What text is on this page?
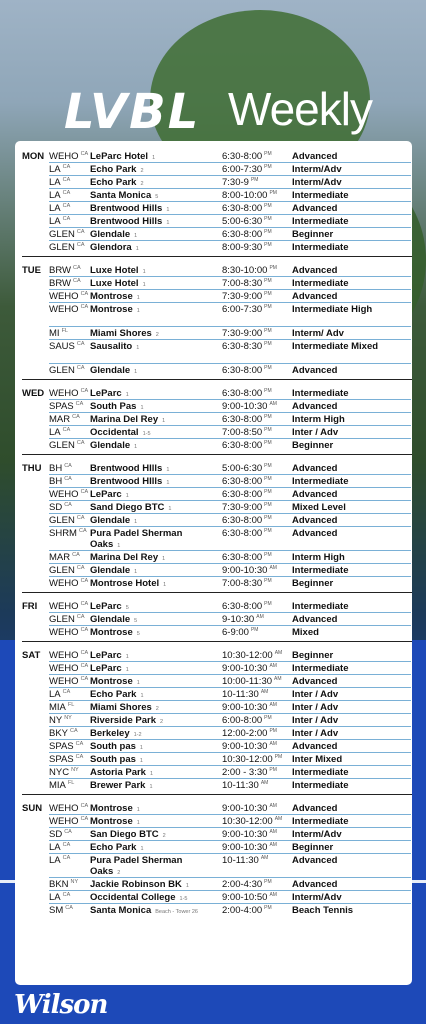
LVBL Weekly
MON WEHO $^{CA}$ LeParc Hotel 1	6:30-8:00 $^{PM}$ Advanced
LA $^{CA}$ Echo Park 2	6:00-7:30 $^{PM}$ Interm/Adv
LA $^{CA}$ Echo Park 2	7:30-9 $^{PM}$	Interm/Adv
LA $^{CA}$ Santa Monica 5	8:00-10:00 $^{PM}$ Intermediate
LA $^{CA}$ Brentwood Hills 1	6:30-8:00 $^{PM}$ Advanced
LA $^{CA}$ Brentwood Hills 1	5:00-6:30 $^{PM}$ Intermediate
GLEN $^{CA}$ Glendale 1	6:30-8:00 $^{PM}$ Beginner
GLEN $^{CA}$ Glendora 1	8:00-9:30 $^{PM}$ Intermediate
TUE BRW $^{CA}$ Luxe Hotel 1	8:30-10:00 $^{PM}$ Advanced
BRW $^{CA}$ Luxe Hotel 1	7:00-8:30 $^{PM}$ Intermediate
WEHO $^{CA}$ Montrose 1	7:30-9:00 $^{PM}$ Advanced
WEHO $^{CA}$ Montrose 1	6:00-7:30 $^{PM}$ Intermediate High
MI $^{FL}$ Miami Shores 2	7:30-9:00 $^{PM}$ Interm/ Adv
SAUS $^{CA}$ Sausalito 1	6:30-8:30 $^{PM}$ Intermediate Mixed
GLEN $^{CA}$ Glendale 1	6:30-8:00 $^{PM}$ Advanced
WED WEHO $^{CA}$ LeParc 1	6:30-8:00 $^{PM}$ Intermediate
SPAS $^{CA}$ South Pas 1	9:00-10:30 $^{AM}$ Advanced
MAR $^{CA}$ Marina Del Rey 1	6:30-8:00 $^{PM}$ Interm High
LA $^{CA}$ Occidental 1-5	7:00-8:50 $^{PM}$ Inter / Adv
GLEN $^{CA}$ Glendale 1	6:30-8:00 $^{PM}$ Beginner
THU BH $^{CA}$ Brentwood HIlls 1	5:00-6:30 $^{PM}$ Advanced
BH $^{CA}$ Brentwood HIlls 1	6:30-8:00 $^{PM}$ Intermediate
WEHO $^{CA}$ LeParc 1	6:30-8:00 $^{PM}$ Advanced
SD $^{CA}$ Sand Diego BTC 1	7:30-9:00 $^{PM}$ Mixed Level
GLEN $^{CA}$ Glendale 1	6:30-8:00 $^{PM}$ Advanced
SHRM $^{CA}$ Pura Padel Sherman Oaks 1
6:30-8:00 $^{PM}$ Advanced
MAR $^{CA}$ Marina Del Rey 1	6:30-8:00 $^{PM}$ Interm High
GLEN $^{CA}$ Glendale 1	9:00-10:30 $^{AM}$ Intermediate
WEHO $^{CA}$ Montrose Hotel 1	7:00-8:30 $^{PM}$ Beginner
FRI WEHO $^{CA}$ LeParc 5	6:30-8:00 $^{PM}$ Intermediate
GLEN $^{CA}$ Glendale 5	9-10:30 $^{AM}$	Advanced
WEHO $^{CA}$ Montrose 5	6-9:00 $^{PM}$	Mixed
SAT WEHO $^{CA}$ LeParc 1	10:30-12:00 $^{AM}$ Beginner
WEHO $^{CA}$ LeParc 1	9:00-10:30 $^{AM}$ Intermediate
WEHO $^{CA}$ Montrose 1	10:00-11:30 $^{AM}$ Advanced
LA $^{CA}$ Echo Park 1	10-11:30 $^{AM}$ Inter / Adv
MIA $^{FL}$ Miami Shores 2	9:00-10:30 $^{AM}$ Inter / Adv
NY $^{NY}$ Riverside Park 2	6:00-8:00 $^{PM}$ Inter / Adv
BKY $^{CA}$ Berkeley 1-2	12:00-2:00 $^{PM}$ Inter / Adv
SPAS $^{CA}$ South pas 1	9:00-10:30 $^{AM}$ Advanced
SPAS $^{CA}$ South pas 1	10:30-12:00 $^{PM}$ Inter Mixed
NYC $^{NY}$ Astoria Park 1	2:00 - 3:30 $^{PM}$ Intermediate
MIA $^{FL}$ Brewer Park 1	10-11:30 $^{AM}$ Intermediate
SUN WEHO $^{CA}$ Montrose 1	9:00-10:30 $^{AM}$ Advanced
WEHO $^{CA}$ Montrose 1	10:30-12:00 $^{AM}$ Intermediate
SD $^{CA}$ San Diego BTC 2	9:00-10:30 $^{AM}$ Interm/Adv
LA $^{CA}$ Echo Park 1	9:00-10:30 $^{AM}$ Beginner
LA $^{CA}$ Pura Padel Sherman Oaks 2
10-11:30 $^{AM}$ Advanced
BKN $^{NY}$ Jackie Robinson BK 1	2:00-4:30 $^{PM}$ Advanced
LA $^{CA}$ Occidental College 1-5	9:00-10:50 $^{AM}$ Interm/Adv
SM $^{CA}$ Santa Monica Beach - Tower 26	2:00-4:00 $^{PM}$ Beach Tennis
Wilson
